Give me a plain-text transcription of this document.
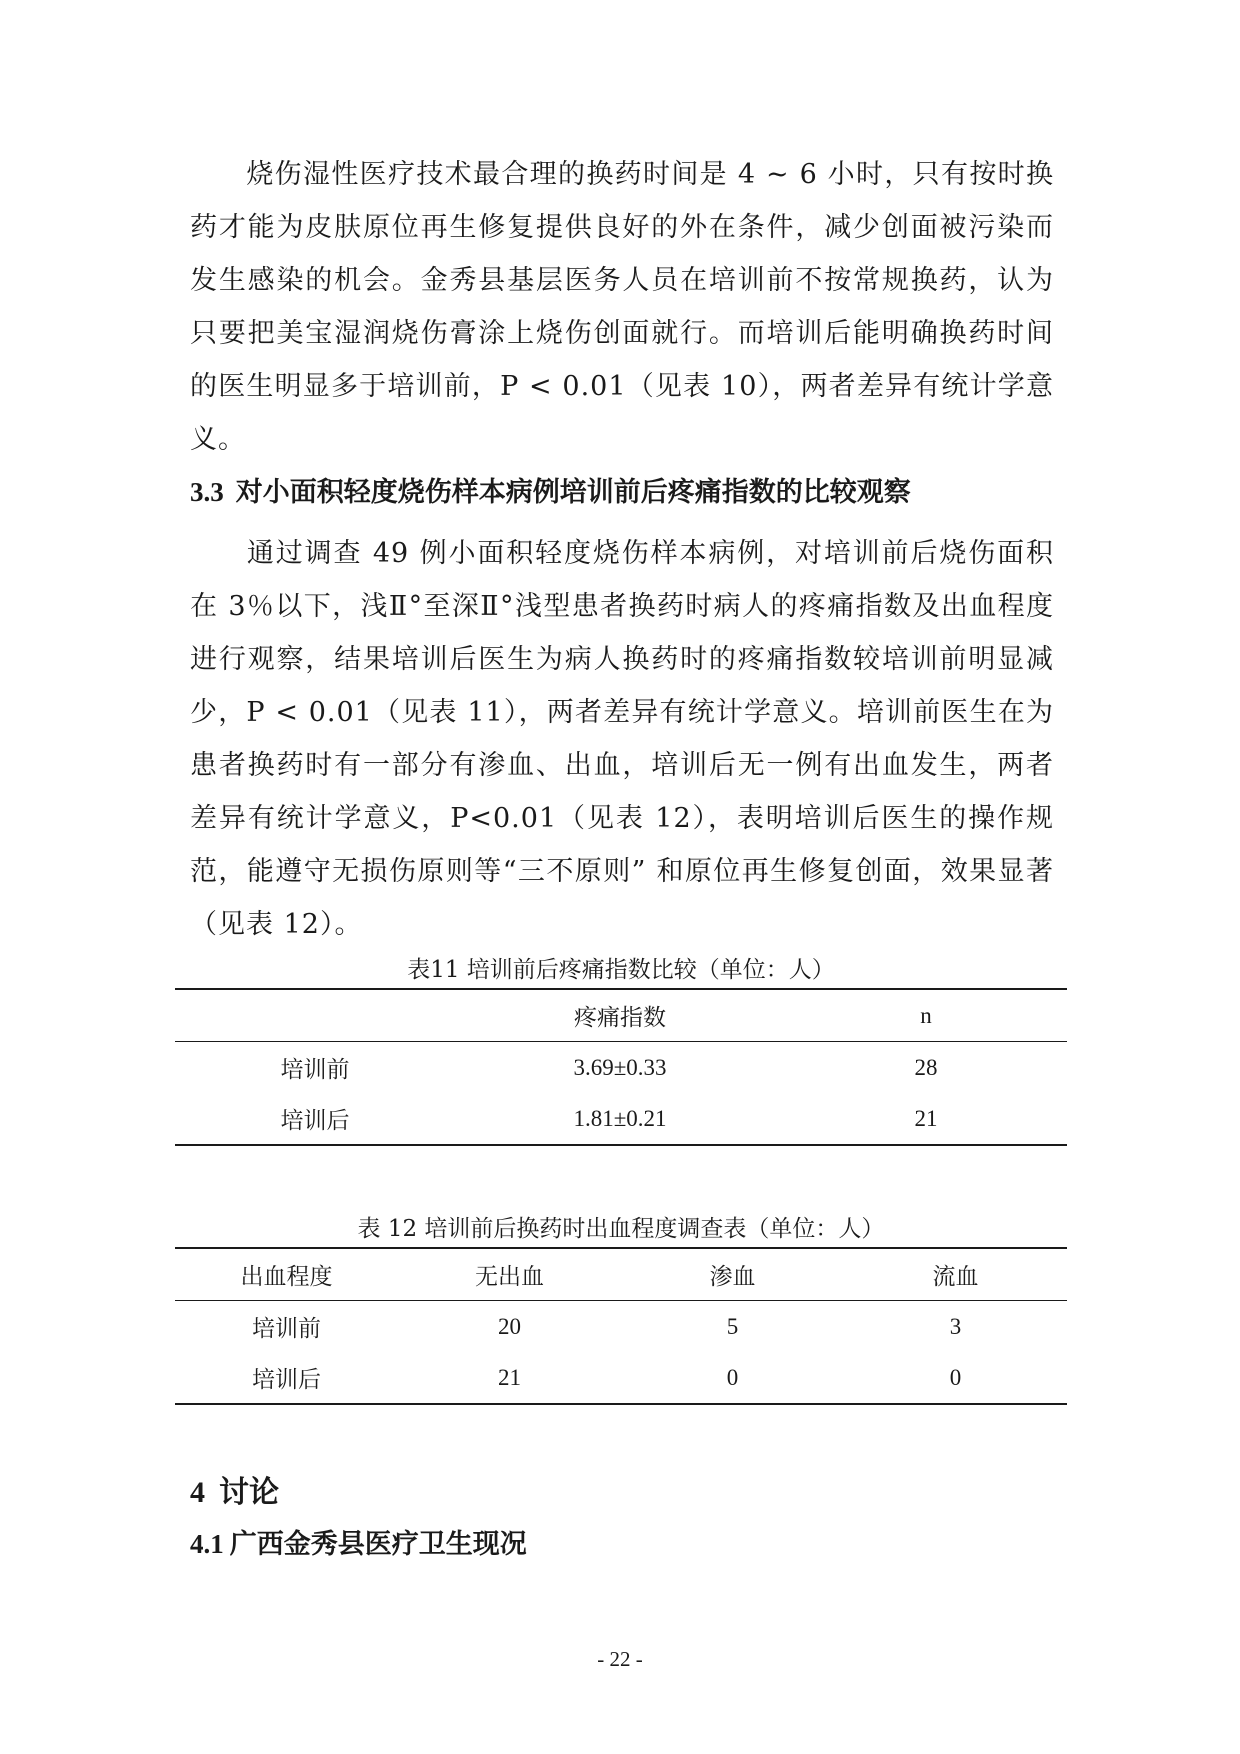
烧伤湿性医疗技术最合理的换药时间是 4 ~ 6 小时，只有按时换药才能为皮肤原位再生修复提供良好的外在条件，减少创面被污染而发生感染的机会。金秀县基层医务人员在培训前不按常规换药，认为只要把美宝湿润烧伤膏涂上烧伤创面就行。而培训后能明确换药时间的医生明显多于培训前，P < 0.01（见表 10），两者差异有统计学意义。

3.3 对小面积轻度烧伤样本病例培训前后疼痛指数的比较观察

通过调查 49 例小面积轻度烧伤样本病例，对培训前后烧伤面积在 3％以下，浅Ⅱ°至深Ⅱ°浅型患者换药时病人的疼痛指数及出血程度进行观察，结果培训后医生为病人换药时的疼痛指数较培训前明显减少，P < 0.01（见表 11），两者差异有统计学意义。培训前医生在为患者换药时有一部分有渗血、出血，培训后无一例有出血发生，两者差异有统计学意义，P<0.01（见表 12），表明培训后医生的操作规范，能遵守无损伤原则等“三不原则” 和原位再生修复创面，效果显著（见表 12）。

表11 培训前后疼痛指数比较（单位：人）

	疼痛指数	n
培训前	3.69±0.33	28
培训后	1.81±0.21	21

表 12 培训前后换药时出血程度调查表（单位：人）

出血程度	无出血	渗血	流血
培训前	20	5	3
培训后	21	0	0
4 讨论
4.1 广西金秀县医疗卫生现况
- 22 -
